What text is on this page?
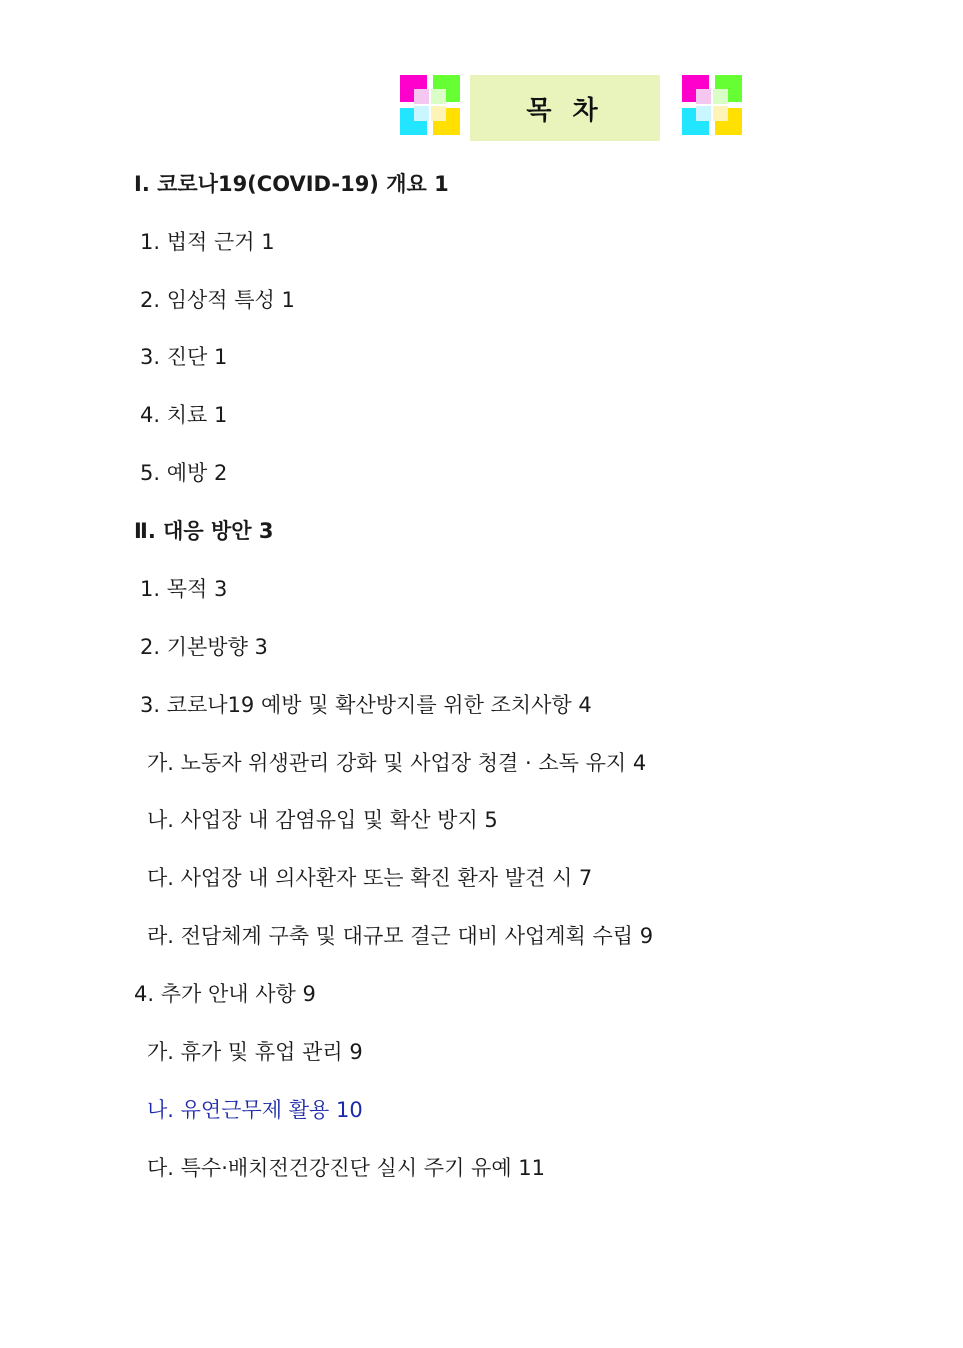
목 차
Ⅰ. 코로나19(COVID-19) 개요 1
1. 법적 근거 1
2. 임상적 특성 1
3. 진단 1
4. 치료 1
5. 예방 2
Ⅱ. 대응 방안 3
1. 목적 3
2. 기본방향 3
3. 코로나19 예방 및 확산방지를 위한 조치사항 4
가. 노동자 위생관리 강화 및 사업장 청결 · 소독 유지 4
나. 사업장 내 감염유입 및 확산 방지 5
다. 사업장 내 의사환자 또는 확진 환자 발견 시 7
라. 전담체계 구축 및 대규모 결근 대비 사업계획 수립 9
4. 추가 안내 사항 9
가. 휴가 및 휴업 관리 9
나. 유연근무제 활용 10
다. 특수·배치전건강진단 실시 주기 유예 11
